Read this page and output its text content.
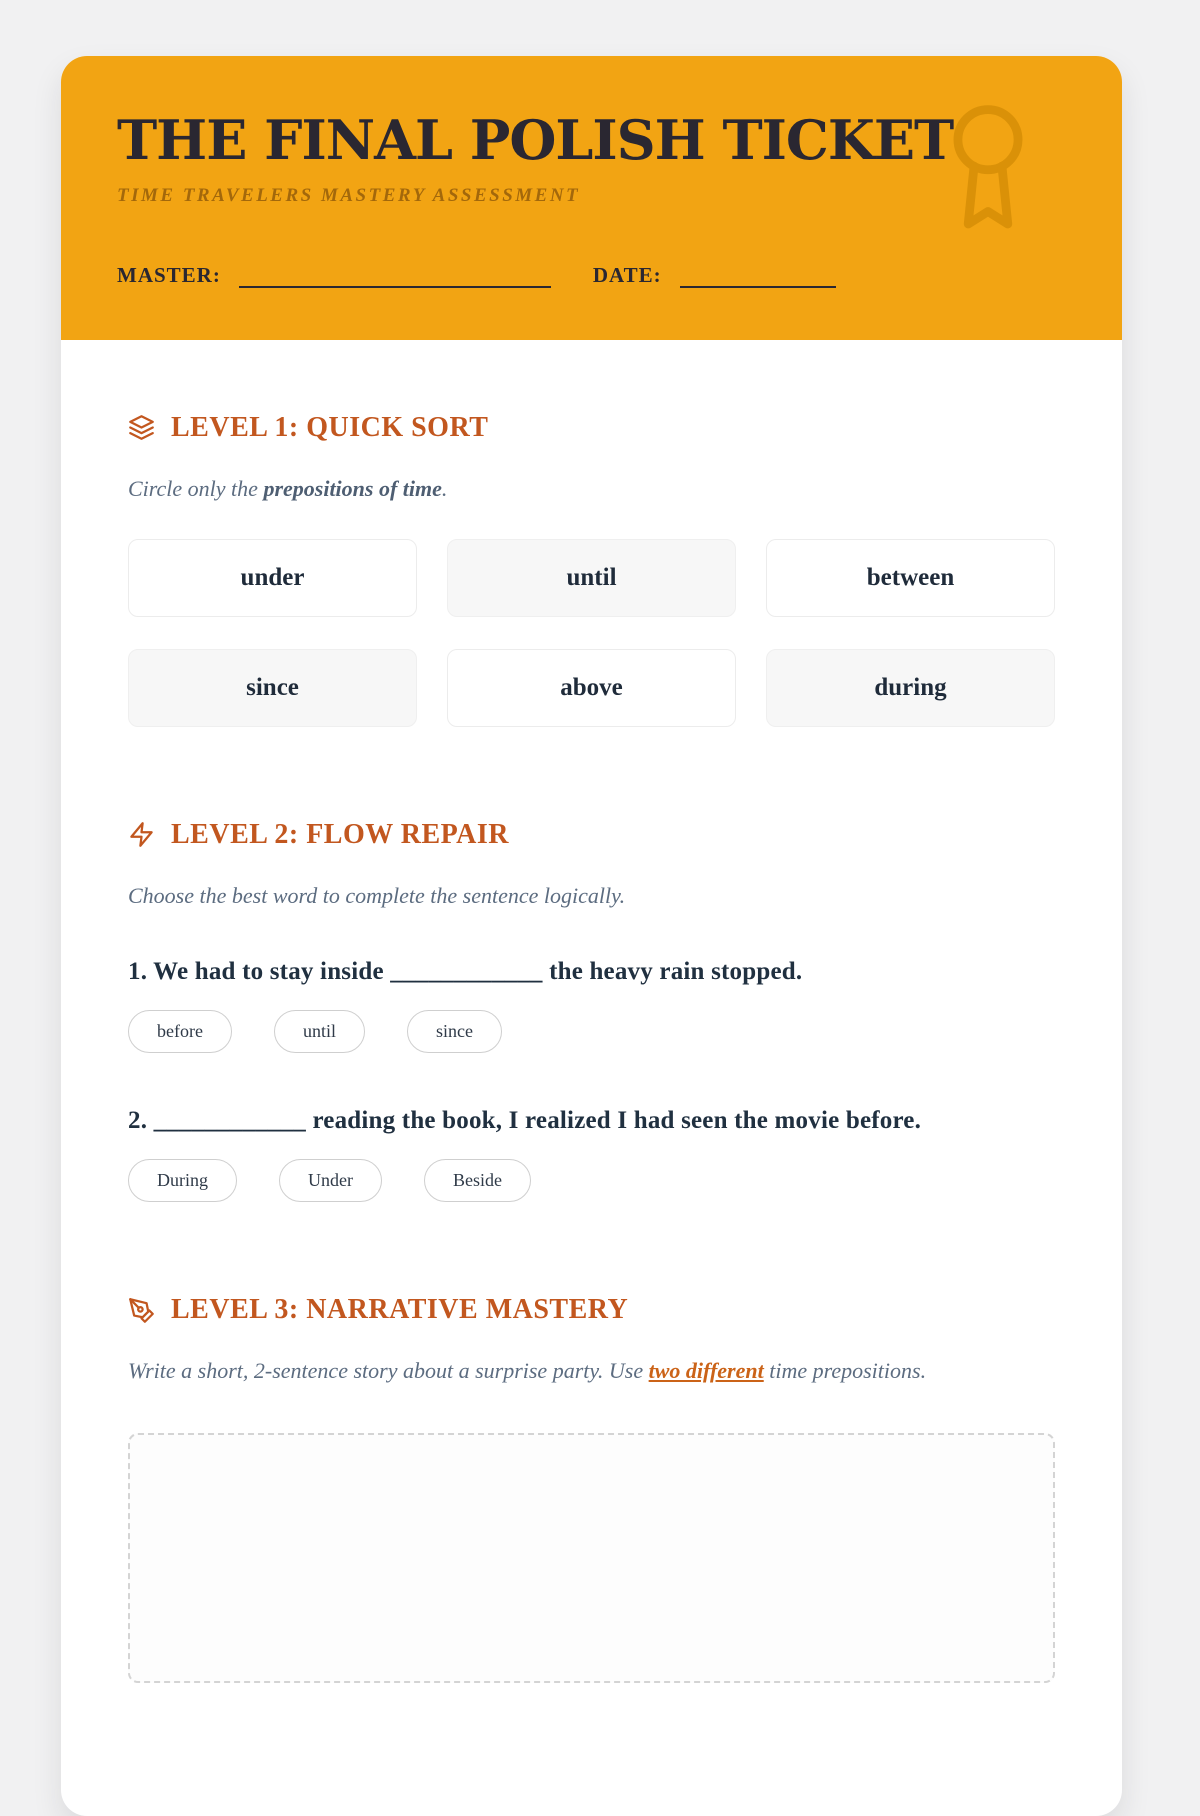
THE FINAL POLISH TICKET
TIME TRAVELERS MASTERY ASSESSMENT
MASTER:	DATE:
LEVEL 1: QUICK SORT

Circle only the prepositions of time.

under	until	between
since	above	during
LEVEL 2: FLOW REPAIR

Choose the best word to complete the sentence logically.

1. We had to stay inside ____________ the heavy rain stopped.
before	until	since
2. ____________ reading the book, I realized I had seen the movie before.
During	Under	Beside
LEVEL 3: NARRATIVE MASTERY

Write a short, 2-sentence story about a surprise party. Use two different time prepositions.
